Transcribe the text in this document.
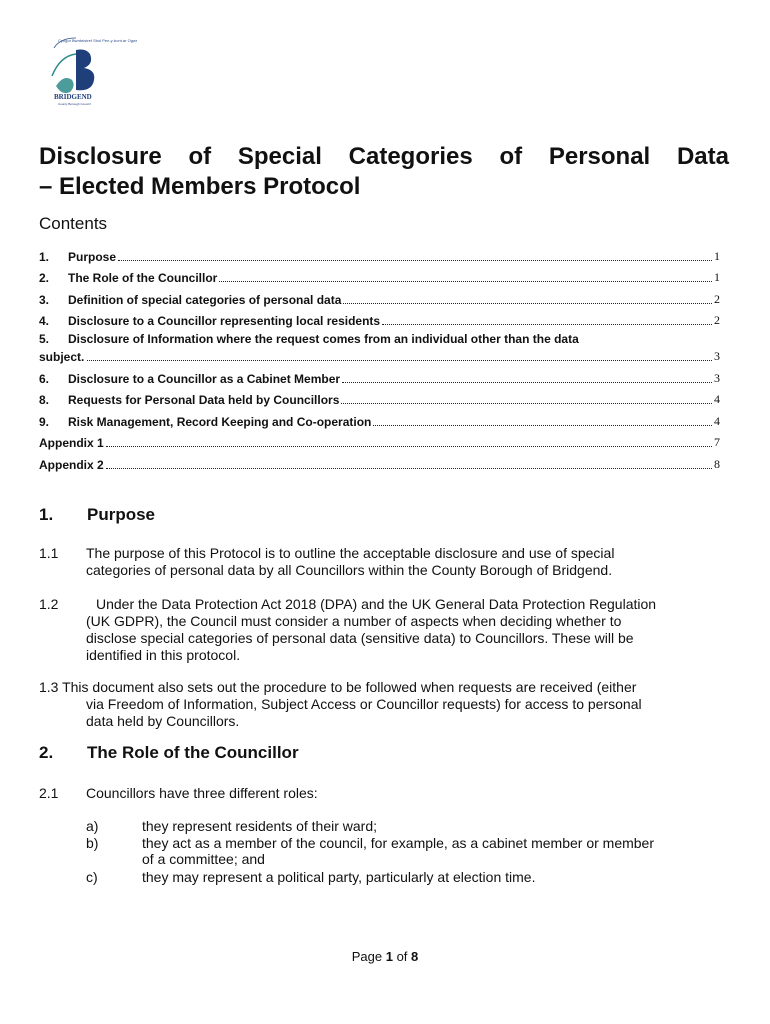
Cyngor Bwrdeistref Sirol Pen-y-bont ar Ogwr
BRIDGEND
County Borough Council
Disclosure of Special Categories of Personal Data
– Elected Members Protocol
Contents
1.	Purpose	1
2.	The Role of the Councillor	1
3.	Definition of special categories of personal data	2
4.	Disclosure to a Councillor representing local residents	2
5.	Disclosure of Information where the request comes from an individual other than the data
subject.	3
6.	Disclosure to a Councillor as a Cabinet Member	3
8.	Requests for Personal Data held by Councillors	4
9.	Risk Management, Record Keeping and Co-operation	4
Appendix 1	7
Appendix 2	8
1. Purpose
1.1 The purpose of this Protocol is to outline the acceptable disclosure and use of special
categories of personal data by all Councillors within the County Borough of Bridgend.
1.2	Under the Data Protection Act 2018 (DPA) and the UK General Data Protection Regulation
(UK GDPR), the Council must consider a number of aspects when deciding whether to
disclose special categories of personal data (sensitive data) to Councillors. These will be
identified in this protocol.
1.3 This document also sets out the procedure to be followed when requests are received (either
via Freedom of Information, Subject Access or Councillor requests) for access to personal
data held by Councillors.
2. The Role of the Councillor
2.1 Councillors have three different roles:
a)	they represent residents of their ward;
b)	they act as a member of the council, for example, as a cabinet member or member
of a committee; and
c)	they may represent a political party, particularly at election time.
Page 1 of 8
